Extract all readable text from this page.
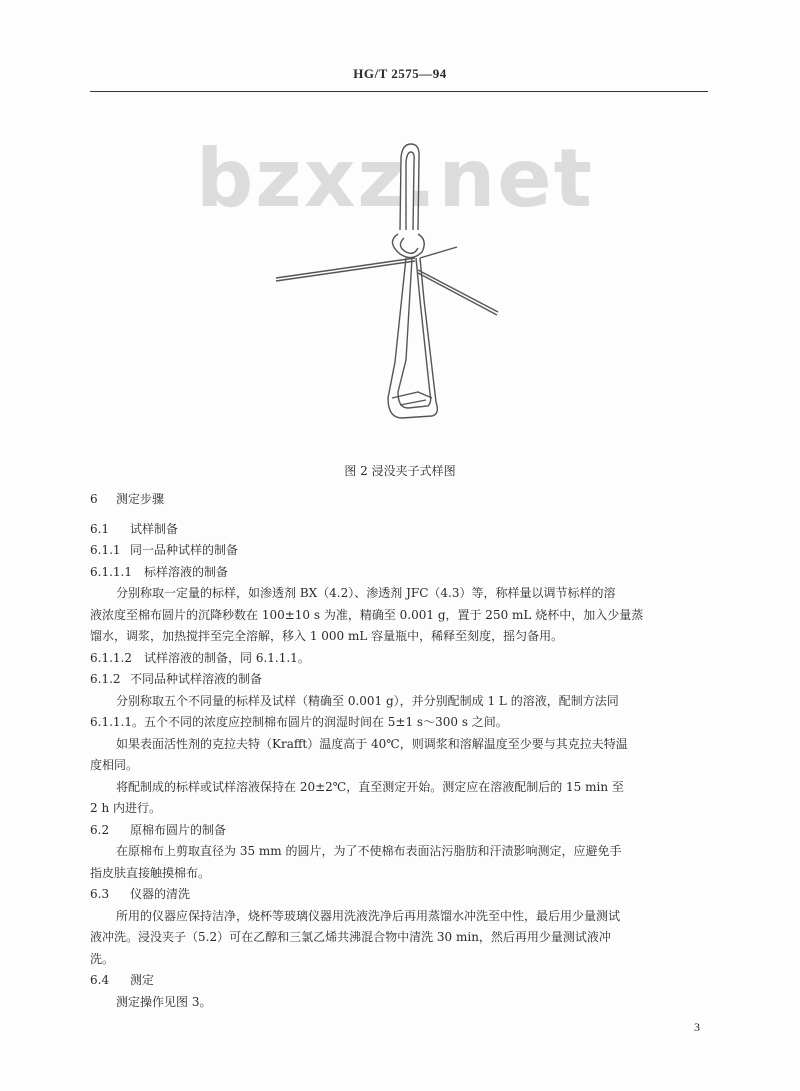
HG/T 2575—94
bzxz.net
图 2 浸没夹子式样图
6 测定步骤
6.1 试样制备
6.1.1 同一品种试样的制备
6.1.1.1 标样溶液的制备
分别称取一定量的标样，如渗透剂 BX（4.2）、渗透剂 JFC（4.3）等，称样量以调节标样的溶
液浓度至棉布圆片的沉降秒数在 100±10 s 为准，精确至 0.001 g，置于 250 mL 烧杯中，加入少量蒸
馏水，调浆，加热搅拌至完全溶解，移入 1 000 mL 容量瓶中，稀释至刻度，摇匀备用。
6.1.1.2 试样溶液的制备，同 6.1.1.1。
6.1.2 不同品种试样溶液的制备
分别称取五个不同量的标样及试样（精确至 0.001 g），并分别配制成 1 L 的溶液，配制方法同
6.1.1.1。五个不同的浓度应控制棉布圆片的润湿时间在 5±1 s～300 s 之间。
如果表面活性剂的克拉夫特（Krafft）温度高于 40℃，则调浆和溶解温度至少要与其克拉夫特温
度相同。
将配制成的标样或试样溶液保持在 20±2℃，直至测定开始。测定应在溶液配制后的 15 min 至
2 h 内进行。
6.2 原棉布圆片的制备
在原棉布上剪取直径为 35 mm 的圆片，为了不使棉布表面沾污脂肪和汗渍影响测定，应避免手
指皮肤直接触摸棉布。
6.3 仪器的清洗
所用的仪器应保持洁净，烧杯等玻璃仪器用洗液洗净后再用蒸馏水冲洗至中性，最后用少量测试
液冲洗。浸没夹子（5.2）可在乙醇和三氯乙烯共沸混合物中清洗 30 min，然后再用少量测试液冲
洗。
6.4 测定
测定操作见图 3。
3
